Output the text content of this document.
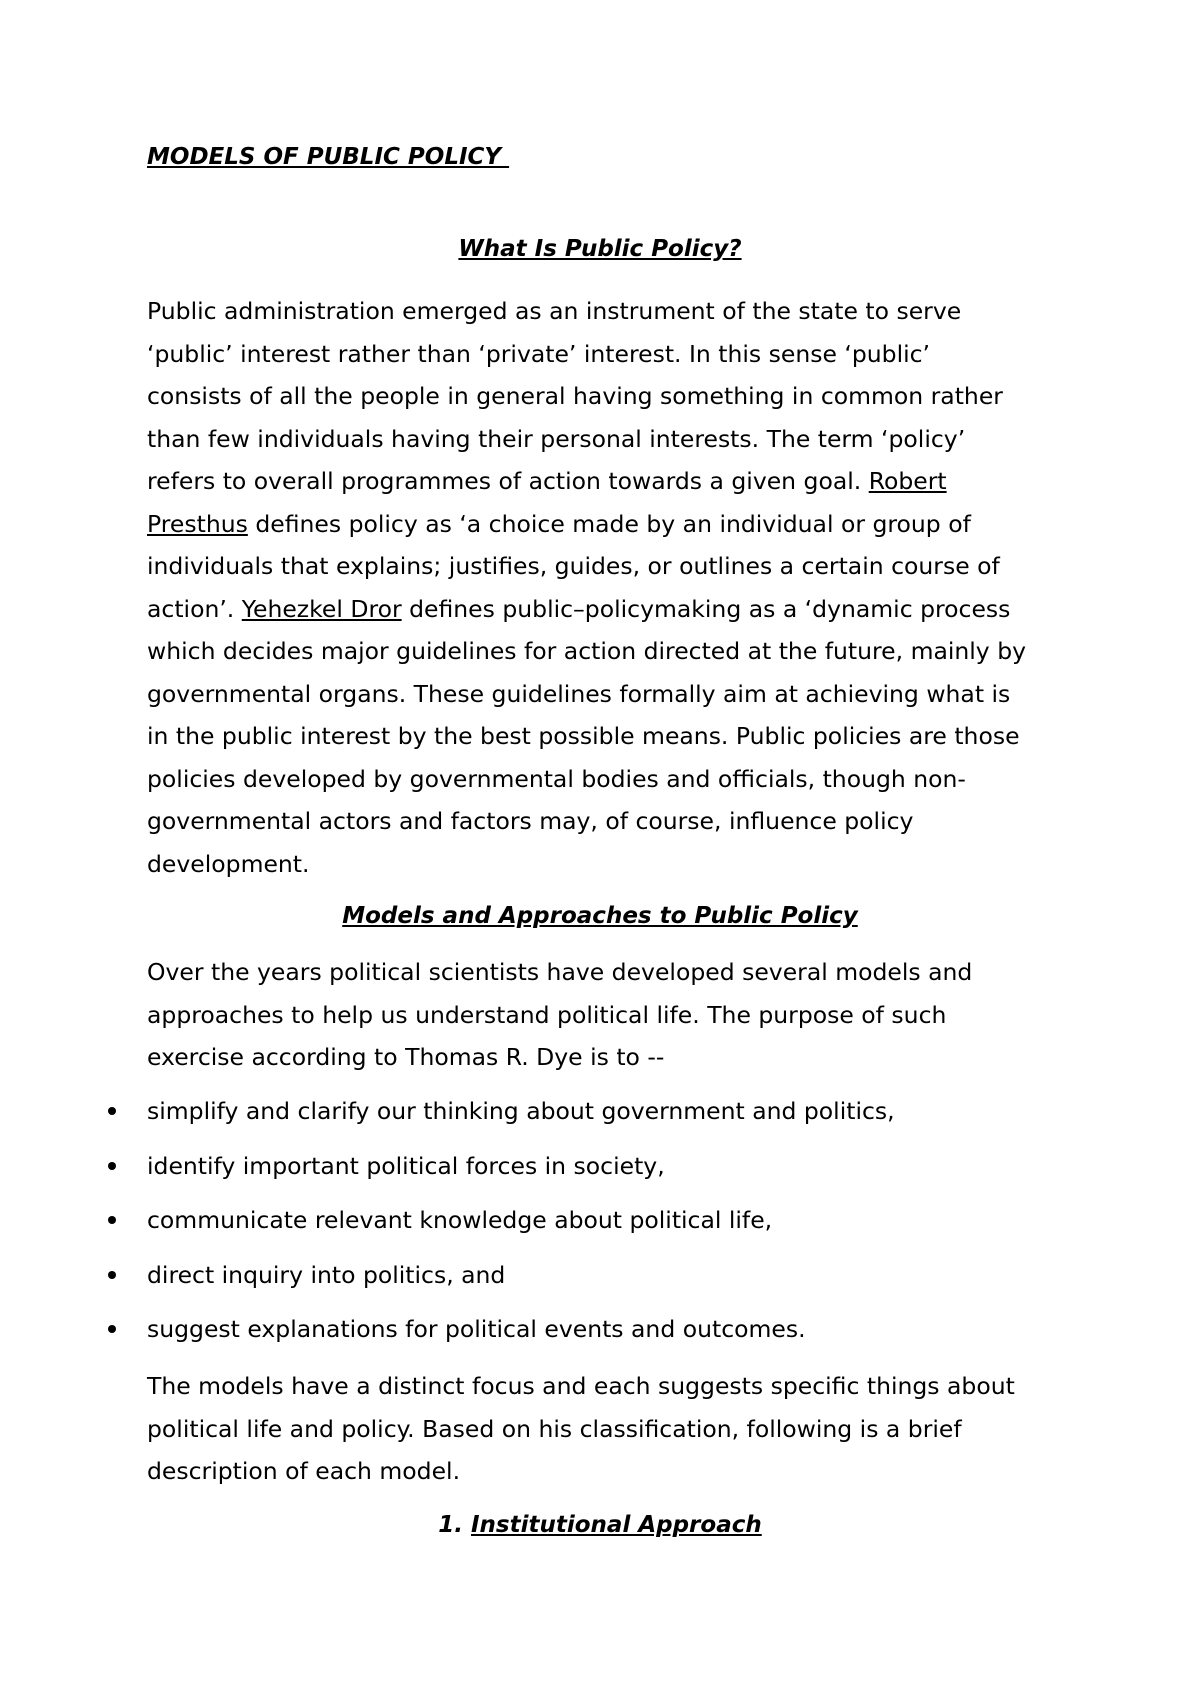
MODELS OF PUBLIC POLICY

What Is Public Policy?
Public administration emerged as an instrument of the state to serve
‘public’ interest rather than ‘private’ interest. In this sense ‘public’
consists of all the people in general having something in common rather
than few individuals having their personal interests. The term ‘policy’
refers to overall programmes of action towards a given goal. Robert
Presthus defines policy as ‘a choice made by an individual or group of
individuals that explains; justifies, guides, or outlines a certain course of
action’. Yehezkel Dror defines public–policymaking as a ‘dynamic process
which decides major guidelines for action directed at the future, mainly by
governmental organs. These guidelines formally aim at achieving what is
in the public interest by the best possible means. Public policies are those
policies developed by governmental bodies and officials, though non-
governmental actors and factors may, of course, influence policy
development.
Models and Approaches to Public Policy
Over the years political scientists have developed several models and
approaches to help us understand political life. The purpose of such
exercise according to Thomas R. Dye is to --
simplify and clarify our thinking about government and politics,
identify important political forces in society,
communicate relevant knowledge about political life,
direct inquiry into politics, and
suggest explanations for political events and outcomes.
The models have a distinct focus and each suggests specific things about
political life and policy. Based on his classification, following is a brief
description of each model.
1. Institutional Approach
